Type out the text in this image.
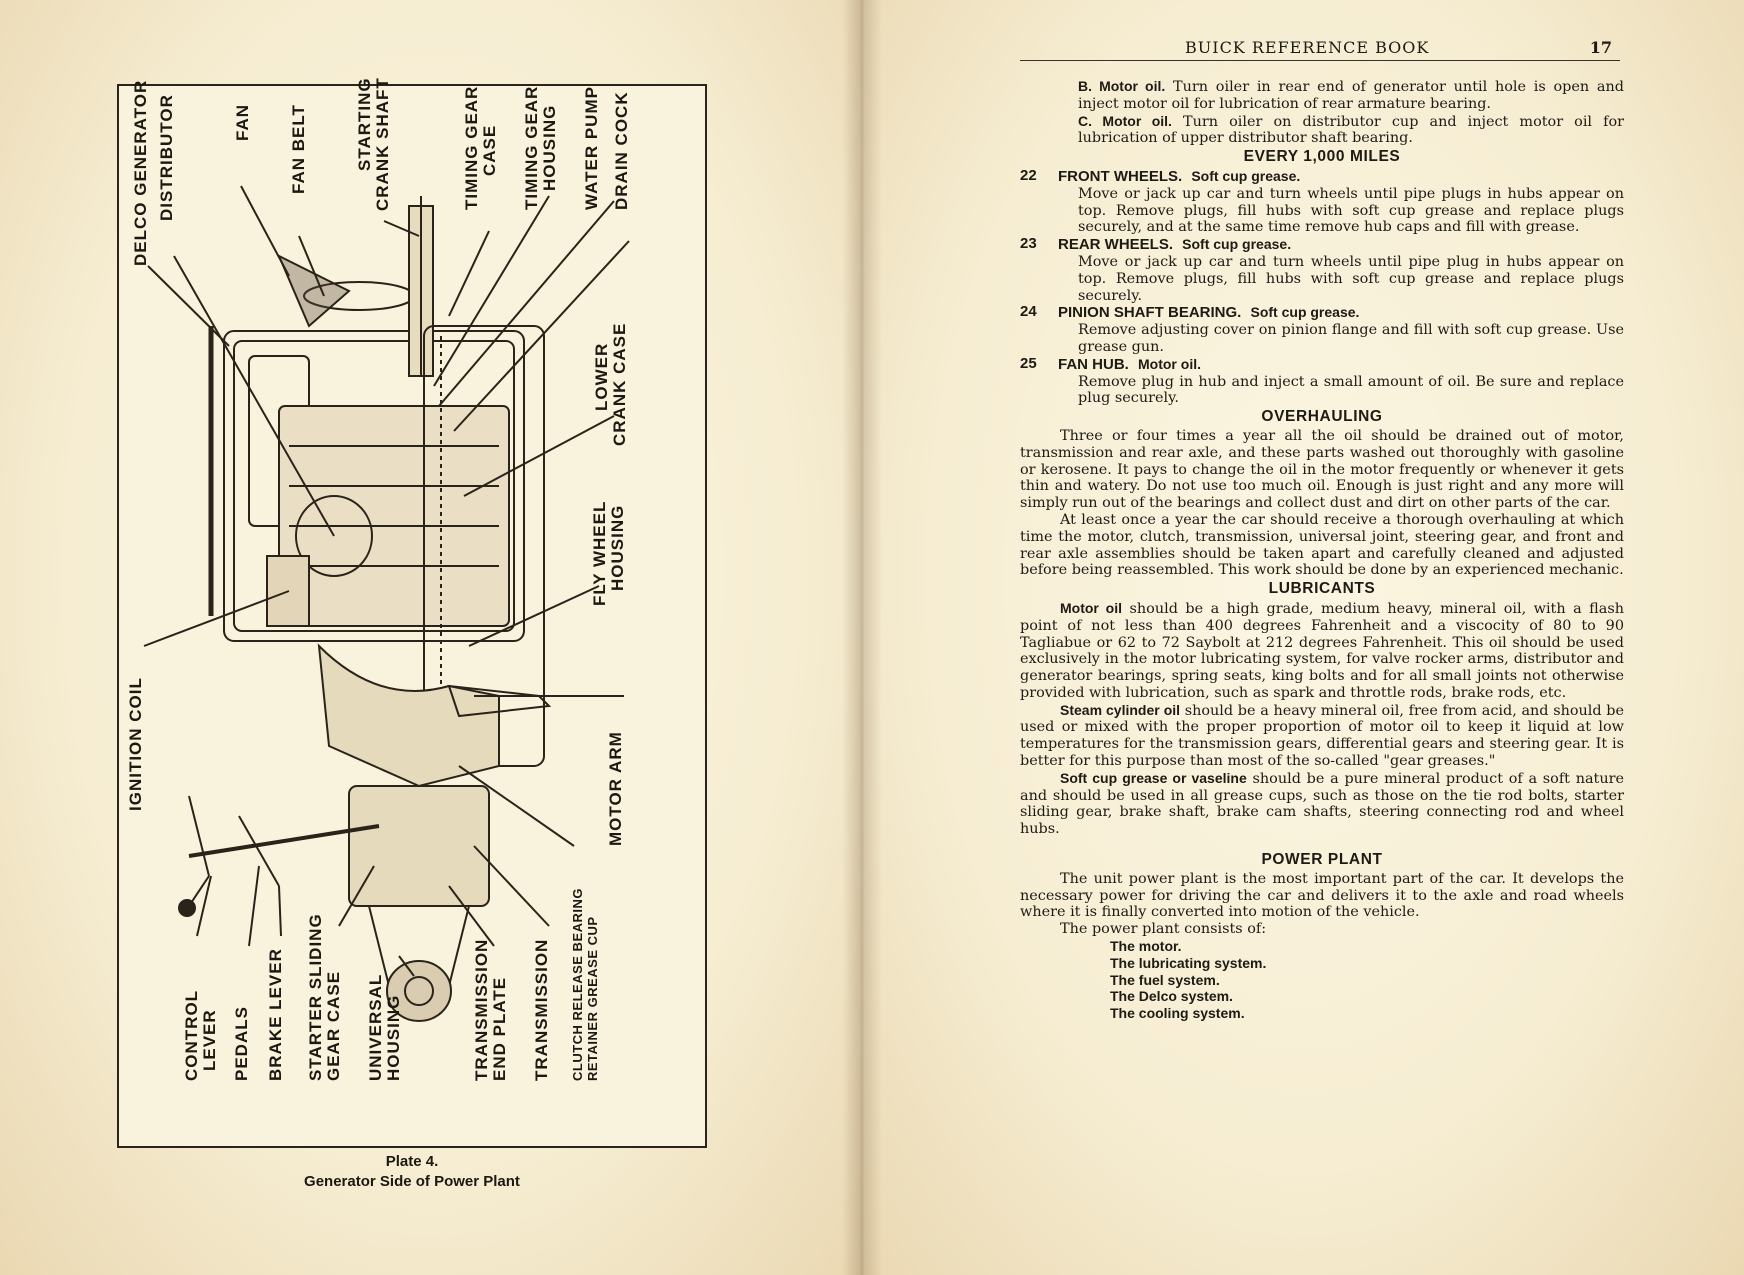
DELCO GENERATOR DISTRIBUTOR	FAN FAN BELT	STARTING CRANK SHAFT	TIMING GEAR CASE TIMING GEAR HOUSING WATER PUMP DRAIN COCK
LOWER CRANK CASE
FLY WHEEL HOUSING
MOTOR ARM
IGNITION COIL
CONTROL LEVER PEDALS BRAKE LEVER STARTER SLIDING GEAR CASE UNIVERSAL HOUSING	TRANSMISSION END PLATE TRANSMISSION CLUTCH RELEASE BEARING RETAINER GREASE CUP
Plate 4.
Generator Side of Power Plant
BUICK REFERENCE BOOK	17

B. Motor oil. Turn oiler in rear end of generator until hole is open and inject motor oil for lubrication of rear armature bearing.

C. Motor oil. Turn oiler on distributor cup and inject motor oil for lubrication of upper distributor shaft bearing.

EVERY 1,000 MILES
22	FRONT WHEELS. Soft cup grease.

Move or jack up car and turn wheels until pipe plugs in hubs appear on top. Remove plugs, fill hubs with soft cup grease and replace plugs securely, and at the same time remove hub caps and fill with grease.

23	REAR WHEELS. Soft cup grease.

Move or jack up car and turn wheels until pipe plug in hubs appear on top. Remove plugs, fill hubs with soft cup grease and replace plugs securely.

24	PINION SHAFT BEARING. Soft cup grease.

Remove adjusting cover on pinion flange and fill with soft cup grease. Use grease gun.

25	FAN HUB. Motor oil.

Remove plug in hub and inject a small amount of oil. Be sure and replace plug securely.

OVERHAULING

Three or four times a year all the oil should be drained out of motor, transmission and rear axle, and these parts washed out thoroughly with gasoline or kerosene. It pays to change the oil in the motor frequently or whenever it gets thin and watery. Do not use too much oil. Enough is just right and any more will simply run out of the bearings and collect dust and dirt on other parts of the car.

At least once a year the car should receive a thorough overhauling at which time the motor, clutch, transmission, universal joint, steering gear, and front and rear axle assemblies should be taken apart and carefully cleaned and adjusted before being reassembled. This work should be done by an experienced mechanic.

LUBRICANTS

Motor oil should be a high grade, medium heavy, mineral oil, with a flash point of not less than 400 degrees Fahrenheit and a viscocity of 80 to 90 Tagliabue or 62 to 72 Saybolt at 212 degrees Fahrenheit. This oil should be used exclusively in the motor lubricating system, for valve rocker arms, distributor and generator bearings, spring seats, king bolts and for all small joints not otherwise provided with lubrication, such as spark and throttle rods, brake rods, etc.

Steam cylinder oil should be a heavy mineral oil, free from acid, and should be used or mixed with the proper proportion of motor oil to keep it liquid at low temperatures for the transmission gears, differential gears and steering gear. It is better for this purpose than most of the so-called "gear greases."

Soft cup grease or vaseline should be a pure mineral product of a soft nature and should be used in all grease cups, such as those on the tie rod bolts, starter sliding gear, brake shaft, brake cam shafts, steering connecting rod and wheel hubs.

POWER PLANT

The unit power plant is the most important part of the car. It develops the necessary power for driving the car and delivers it to the axle and road wheels where it is finally converted into motion of the vehicle.

The power plant consists of:

The motor.
The lubricating system.
The fuel system.
The Delco system.
The cooling system.
